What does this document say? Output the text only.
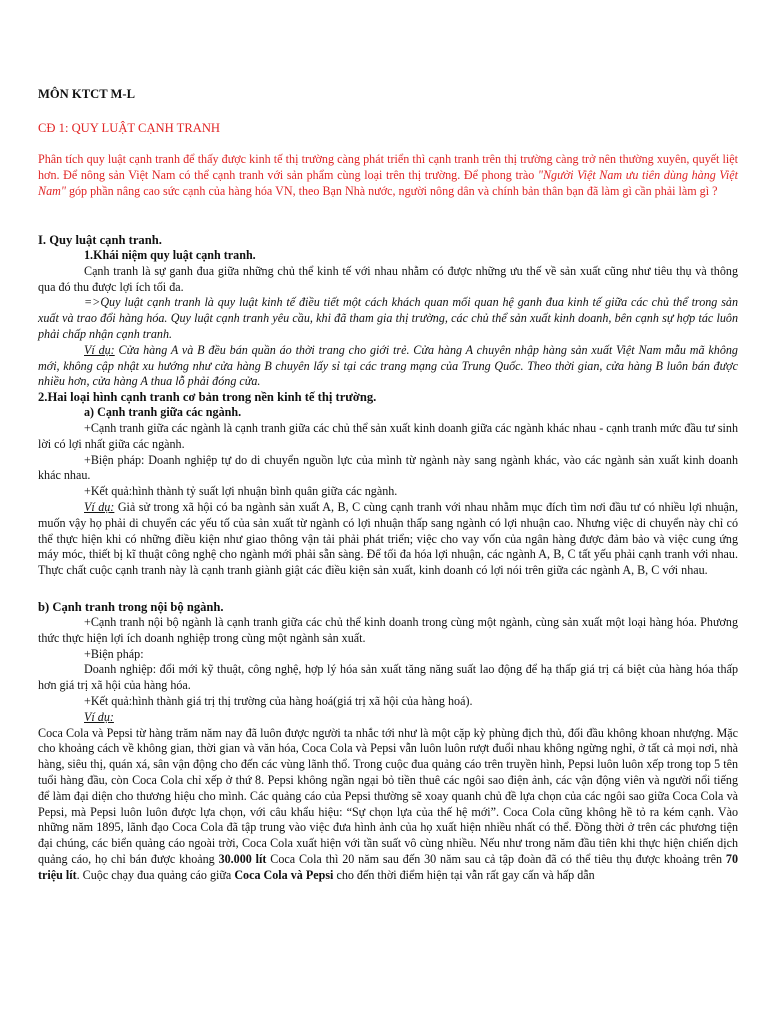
MÔN KTCT M-L

CĐ 1: QUY LUẬT CẠNH TRANH

Phân tích quy luật cạnh tranh để thấy được kinh tế thị trường càng phát triển thì cạnh tranh trên thị trường càng trở nên thường xuyên, quyết liệt hơn. Để nông sản Việt Nam có thể cạnh tranh với sản phẩm cùng loại trên thị trường. Để phong trào "Người Việt Nam ưu tiên dùng hàng Việt Nam" góp phần nâng cao sức cạnh của hàng hóa VN, theo Bạn Nhà nước, người nông dân và chính bản thân bạn đã làm gì cần phải làm gì ?

I. Quy luật cạnh tranh.

1.Khái niệm quy luật cạnh tranh.

Cạnh tranh là sự ganh đua giữa những chủ thể kinh tế với nhau nhằm có được những ưu thế về sản xuất cũng như tiêu thụ và thông qua đó thu được lợi ích tối đa.

=>Quy luật cạnh tranh là quy luật kinh tế điều tiết một cách khách quan mối quan hệ ganh đua kinh tế giữa các chủ thể trong sản xuất và trao đổi hàng hóa. Quy luật cạnh tranh yêu cầu, khi đã tham gia thị trường, các chủ thể sản xuất kinh doanh, bên cạnh sự hợp tác luôn phải chấp nhận cạnh tranh.

Ví dụ: Cửa hàng A và B đều bán quần áo thời trang cho giới trẻ. Cửa hàng A chuyên nhập hàng sản xuất Việt Nam mẫu mã không mới, không cập nhật xu hướng như cửa hàng B chuyên lấy sỉ tại các trang mạng của Trung Quốc. Theo thời gian, cửa hàng B luôn bán được nhiều hơn, cửa hàng A thua lỗ phải đóng cửa.

2.Hai loại hình cạnh tranh cơ bản trong nền kinh tế thị trường.

a) Cạnh tranh giữa các ngành.

+Cạnh tranh giữa các ngành là cạnh tranh giữa các chủ thể sản xuất kinh doanh giữa các ngành khác nhau - cạnh tranh mức đầu tư sinh lời có lợi nhất giữa các ngành.

+Biện pháp: Doanh nghiệp tự do di chuyển nguồn lực của mình từ ngành này sang ngành khác, vào các ngành sản xuất kinh doanh khác nhau.

+Kết quả:hình thành tỷ suất lợi nhuận bình quân giữa các ngành.

Ví dụ: Giả sử trong xã hội có ba ngành sản xuất A, B, C cùng cạnh tranh với nhau nhằm mục đích tìm nơi đầu tư có nhiều lợi nhuận, muốn vậy họ phải di chuyển các yếu tố của sản xuất từ ngành có lợi nhuận thấp sang ngành có lợi nhuận cao. Nhưng việc di chuyển này chỉ có thể thực hiện khi có những điều kiện như giao thông vận tải phải phát triển; việc cho vay vốn của ngân hàng được đảm bảo và việc cung ứng máy móc, thiết bị kĩ thuật công nghệ cho ngành mới phải sẵn sàng. Để tối đa hóa lợi nhuận, các ngành A, B, C tất yếu phải cạnh tranh với nhau. Thực chất cuộc cạnh tranh này là cạnh tranh giành giật các điều kiện sản xuất, kinh doanh có lợi nói trên giữa các ngành A, B, C với nhau.

b) Cạnh tranh trong nội bộ ngành.

+Cạnh tranh nội bộ ngành là cạnh tranh giữa các chủ thể kinh doanh trong cùng một ngành, cùng sản xuất một loại hàng hóa. Phương thức thực hiện lợi ích doanh nghiệp trong cùng một ngành sản xuất.

+Biện pháp:

Doanh nghiệp: đổi mới kỹ thuật, công nghệ, hợp lý hóa sản xuất tăng năng suất lao động để hạ thấp giá trị cá biệt của hàng hóa thấp hơn giá trị xã hội của hàng hóa.

+Kết quả:hình thành giá trị thị trường của hàng hoá(giá trị xã hội của hàng hoá).

Ví dụ:

Coca Cola và Pepsi từ hàng trăm năm nay đã luôn được người ta nhắc tới như là một cặp kỳ phùng địch thủ, đối đầu không khoan nhượng. Mặc cho khoảng cách về không gian, thời gian và văn hóa, Coca Cola và Pepsi vẫn luôn luôn rượt đuổi nhau không ngừng nghỉ, ở tất cả mọi nơi, nhà hàng, siêu thị, quán xá, sân vận động cho đến các vùng lãnh thổ. Trong cuộc đua quảng cáo trên truyền hình, Pepsi luôn luôn xếp trong top 5 tên tuổi hàng đầu, còn Coca Cola chỉ xếp ở thứ 8. Pepsi không ngần ngại bỏ tiền thuê các ngôi sao điện ảnh, các vận động viên và người nổi tiếng để làm đại diện cho thương hiệu cho mình. Các quảng cáo của Pepsi thường sẽ xoay quanh chủ đề lựa chọn của các ngôi sao giữa Coca Cola và Pepsi, mà Pepsi luôn luôn được lựa chọn, với câu khẩu hiệu: “Sự chọn lựa của thế hệ mới”. Coca Cola cũng không hề tỏ ra kém cạnh. Vào những năm 1895, lãnh đạo Coca Cola đã tập trung vào việc đưa hình ảnh của họ xuất hiện nhiều nhất có thể. Đồng thời ở trên các phương tiện đại chúng, các biển quảng cáo ngoài trời, Coca Cola xuất hiện với tần suất vô cùng nhiều. Nếu như trong năm đầu tiên khi thực hiện chiến dịch quảng cáo, họ chỉ bán được khoảng 30.000 lít Coca Cola thì 20 năm sau đến 30 năm sau cả tập đoàn đã có thể tiêu thụ được khoảng trên 70 triệu lít. Cuộc chạy đua quảng cáo giữa Coca Cola và Pepsi cho đến thời điểm hiện tại vẫn rất gay cấn và hấp dẫn
